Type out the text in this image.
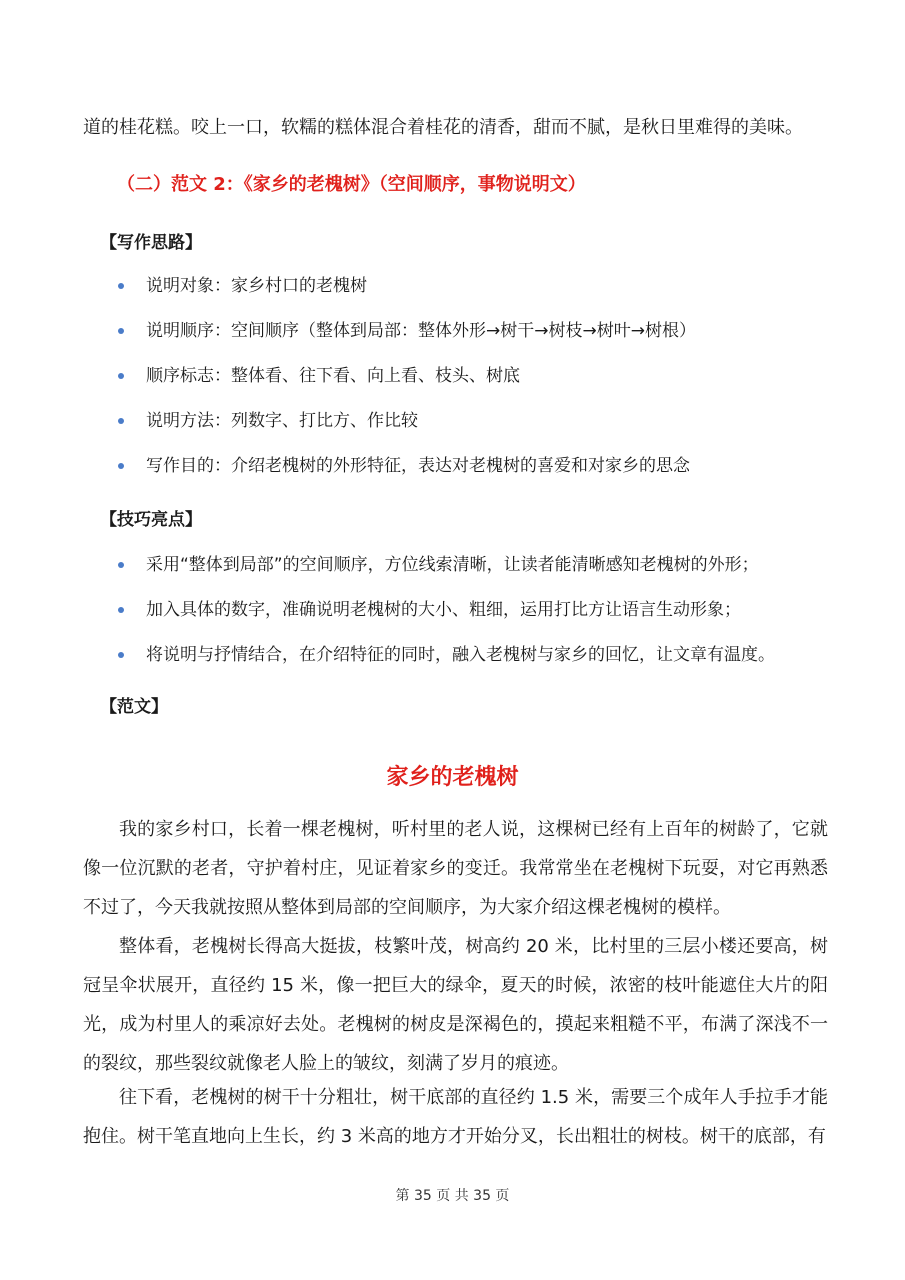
道的桂花糕。咬上一口，软糯的糕体混合着桂花的清香，甜而不腻，是秋日里难得的美味。
（二）范文 2：《家乡的老槐树》（空间顺序，事物说明文）
【写作思路】
说明对象：家乡村口的老槐树
说明顺序：空间顺序（整体到局部：整体外形→树干→树枝→树叶→树根）
顺序标志：整体看、往下看、向上看、枝头、树底
说明方法：列数字、打比方、作比较
写作目的：介绍老槐树的外形特征，表达对老槐树的喜爱和对家乡的思念
【技巧亮点】
采用“整体到局部”的空间顺序，方位线索清晰，让读者能清晰感知老槐树的外形；
加入具体的数字，准确说明老槐树的大小、粗细，运用打比方让语言生动形象；
将说明与抒情结合，在介绍特征的同时，融入老槐树与家乡的回忆，让文章有温度。
【范文】
家乡的老槐树

我的家乡村口，长着一棵老槐树，听村里的老人说，这棵树已经有上百年的树龄了，它就像一位沉默的老者，守护着村庄，见证着家乡的变迁。我常常坐在老槐树下玩耍，对它再熟悉不过了，今天我就按照从整体到局部的空间顺序，为大家介绍这棵老槐树的模样。

整体看，老槐树长得高大挺拔，枝繁叶茂，树高约 20 米，比村里的三层小楼还要高，树冠呈伞状展开，直径约 15 米，像一把巨大的绿伞，夏天的时候，浓密的枝叶能遮住大片的阳光，成为村里人的乘凉好去处。老槐树的树皮是深褐色的，摸起来粗糙不平，布满了深浅不一的裂纹，那些裂纹就像老人脸上的皱纹，刻满了岁月的痕迹。

往下看，老槐树的树干十分粗壮，树干底部的直径约 1.5 米，需要三个成年人手拉手才能抱住。树干笔直地向上生长，约 3 米高的地方才开始分叉，长出粗壮的树枝。树干的底部，有

第 35 页 共 35 页
